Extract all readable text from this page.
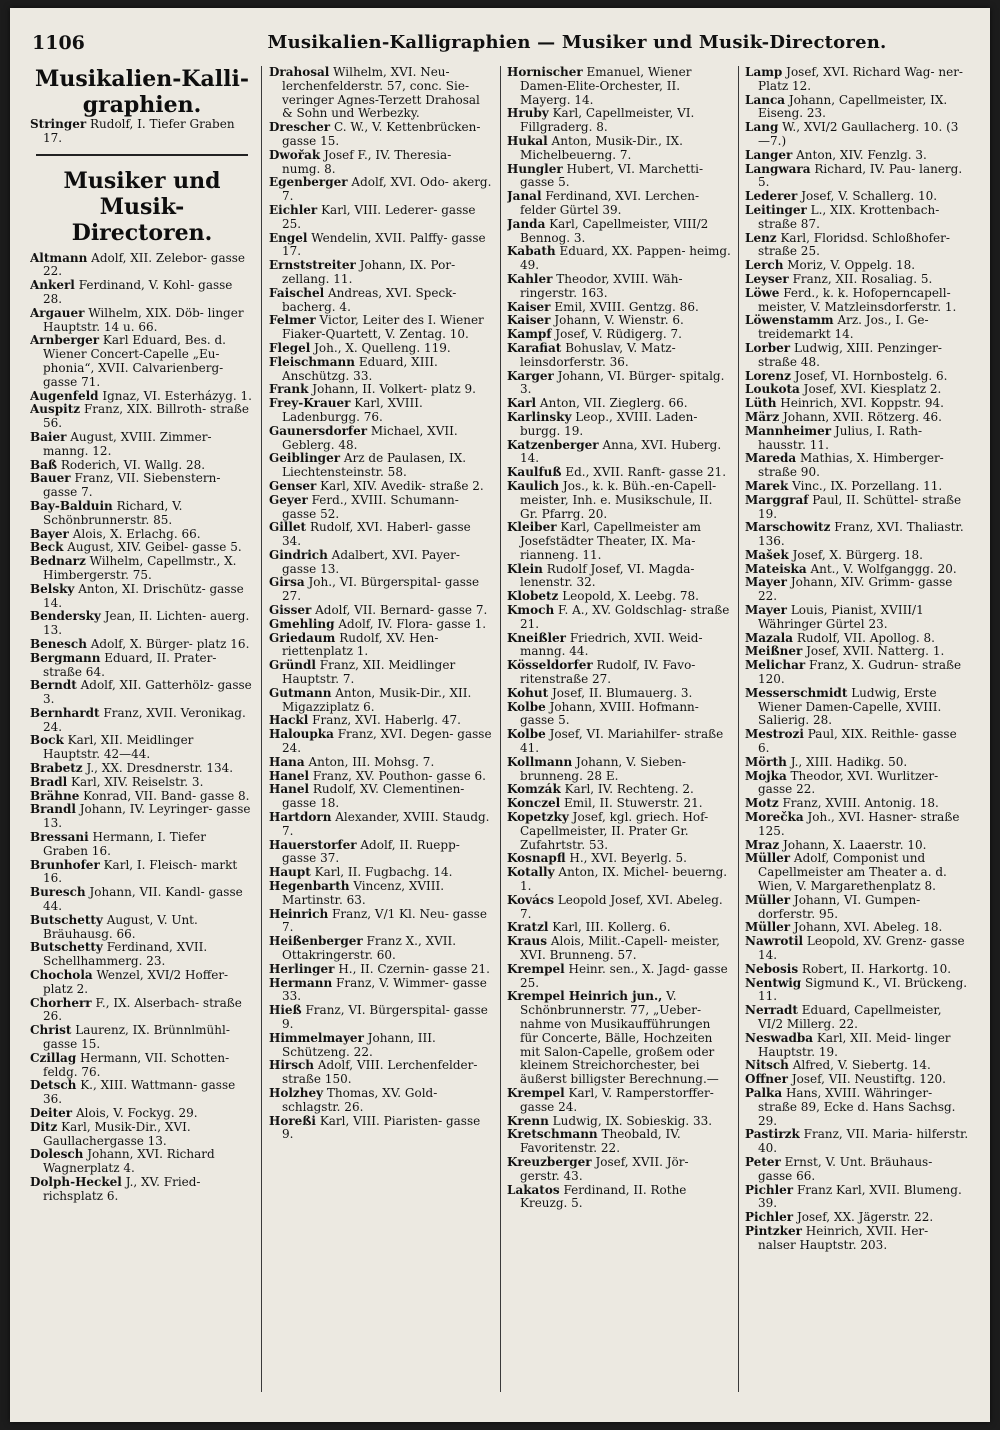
1106	Musikalien-Kalligraphien — Musiker und Musik-Directoren.
Musikalien-Kalli- graphien.

Stringer Rudolf, I. Tiefer Graben 17.

Musiker und Musik-Directoren.

Altmann Adolf, XII. Zelebor- gasse 22.

Ankerl Ferdinand, V. Kohl- gasse 28.

Argauer Wilhelm, XIX. Döb- linger Hauptstr. 14 u. 66.

Arnberger Karl Eduard, Bes. d. Wiener Concert-Capelle „Eu- phonia“, XVII. Calvarienberg- gasse 71.

Augenfeld Ignaz, VI. Esterházyg. 1.

Auspitz Franz, XIX. Billroth- straße 56.

Baier August, XVIII. Zimmer- manng. 12.

Baß Roderich, VI. Wallg. 28.

Bauer Franz, VII. Siebenstern- gasse 7.

Bay-Balduin Richard, V. Schönbrunnerstr. 85.

Bayer Alois, X. Erlachg. 66.

Beck August, XIV. Geibel- gasse 5.

Bednarz Wilhelm, Capellmstr., X. Himbergerstr. 75.

Belsky Anton, XI. Drischütz- gasse 14.

Bendersky Jean, II. Lichten- auerg. 13.

Benesch Adolf, X. Bürger- platz 16.

Bergmann Eduard, II. Prater- straße 64.

Berndt Adolf, XII. Gatterhölz- gasse 3.

Bernhardt Franz, XVII. Veronikag. 24.

Bock Karl, XII. Meidlinger Hauptstr. 42—44.

Brabetz J., XX. Dresdnerstr. 134.

Bradl Karl, XIV. Reiselstr. 3.

Brähne Konrad, VII. Band- gasse 8.

Brandl Johann, IV. Leyringer- gasse 13.

Bressani Hermann, I. Tiefer Graben 16.

Brunhofer Karl, I. Fleisch- markt 16.

Buresch Johann, VII. Kandl- gasse 44.

Butschetty August, V. Unt. Bräuhausg. 66.

Butschetty Ferdinand, XVII. Schellhammerg. 23.

Chochola Wenzel, XVI/2 Hoffer- platz 2.

Chorherr F., IX. Alserbach- straße 26.

Christ Laurenz, IX. Brünnlmühl- gasse 15.

Czillag Hermann, VII. Schotten- feldg. 76.

Detsch K., XIII. Wattmann- gasse 36.

Deiter Alois, V. Fockyg. 29.

Ditz Karl, Musik-Dir., XVI. Gaullachergasse 13.

Dolesch Johann, XVI. Richard Wagnerplatz 4.

Dolph-Heckel J., XV. Fried- richsplatz 6.

Drahosal Wilhelm, XVI. Neu- lerchenfelderstr. 57, conc. Sie- veringer Agnes-Terzett Drahosal & Sohn und Werbezky.

Drescher C. W., V. Kettenbrücken- gasse 15.

Dwořak Josef F., IV. Theresia- numg. 8.

Egenberger Adolf, XVI. Odo- akerg. 7.

Eichler Karl, VIII. Lederer- gasse 25.

Engel Wendelin, XVII. Palffy- gasse 17.

Ernststreiter Johann, IX. Por- zellang. 11.

Faischel Andreas, XVI. Speck- bacherg. 4.

Felmer Victor, Leiter des I. Wiener Fiaker-Quartett, V. Zentag. 10.

Flegel Joh., X. Quelleng. 119.

Fleischmann Eduard, XIII. Anschützg. 33.

Frank Johann, II. Volkert- platz 9.

Frey-Krauer Karl, XVIII. Ladenburgg. 76.

Gaunersdorfer Michael, XVII. Geblerg. 48.

Geiblinger Arz de Paulasen, IX. Liechtensteinstr. 58.

Genser Karl, XIV. Avedik- straße 2.

Geyer Ferd., XVIII. Schumann- gasse 52.

Gillet Rudolf, XVI. Haberl- gasse 34.

Gindrich Adalbert, XVI. Payer- gasse 13.

Girsa Joh., VI. Bürgerspital- gasse 27.

Gisser Adolf, VII. Bernard- gasse 7.

Gmehling Adolf, IV. Flora- gasse 1.

Griedaum Rudolf, XV. Hen- riettenplatz 1.

Gründl Franz, XII. Meidlinger Hauptstr. 7.

Gutmann Anton, Musik-Dir., XII. Migazziplatz 6.

Hackl Franz, XVI. Haberlg. 47.

Haloupka Franz, XVI. Degen- gasse 24.

Hana Anton, III. Mohsg. 7.

Hanel Franz, XV. Pouthon- gasse 6.

Hanel Rudolf, XV. Clementinen- gasse 18.

Hartdorn Alexander, XVIII. Staudg. 7.

Hauerstorfer Adolf, II. Ruepp- gasse 37.

Haupt Karl, II. Fugbachg. 14.

Hegenbarth Vincenz, XVIII. Martinstr. 63.

Heinrich Franz, V/1 Kl. Neu- gasse 7.

Heißenberger Franz X., XVII. Ottakringerstr. 60.

Herlinger H., II. Czernin- gasse 21.

Hermann Franz, V. Wimmer- gasse 33.

Hieß Franz, VI. Bürgerspital- gasse 9.

Himmelmayer Johann, III. Schützeng. 22.

Hirsch Adolf, VIII. Lerchenfelder- straße 150.

Holzhey Thomas, XV. Gold- schlagstr. 26.

Horeßi Karl, VIII. Piaristen- gasse 9.

Hornischer Emanuel, Wiener Damen-Elite-Orchester, II. Mayerg. 14.

Hruby Karl, Capellmeister, VI. Fillgraderg. 8.

Hukal Anton, Musik-Dir., IX. Michelbeuerng. 7.

Hungler Hubert, VI. Marchetti- gasse 5.

Janal Ferdinand, XVI. Lerchen- felder Gürtel 39.

Janda Karl, Capellmeister, VIII/2 Bennog. 3.

Kabath Eduard, XX. Pappen- heimg. 49.

Kahler Theodor, XVIII. Wäh- ringerstr. 163.

Kaiser Emil, XVIII. Gentzg. 86.

Kaiser Johann, V. Wienstr. 6.

Kampf Josef, V. Rüdigerg. 7.

Karafiat Bohuslav, V. Matz- leinsdorferstr. 36.

Karger Johann, VI. Bürger- spitalg. 3.

Karl Anton, VII. Zieglerg. 66.

Karlinsky Leop., XVIII. Laden- burgg. 19.

Katzenberger Anna, XVI. Huberg. 14.

Kaulfuß Ed., XVII. Ranft- gasse 21.

Kaulich Jos., k. k. Büh.-en-Capell- meister, Inh. e. Musikschule, II. Gr. Pfarrg. 20.

Kleiber Karl, Capellmeister am Josefstädter Theater, IX. Ma- rianneng. 11.

Klein Rudolf Josef, VI. Magda- lenenstr. 32.

Klobetz Leopold, X. Leebg. 78.

Kmoch F. A., XV. Goldschlag- straße 21.

Kneißler Friedrich, XVII. Weid- manng. 44.

Kösseldorfer Rudolf, IV. Favo- ritenstraße 27.

Kohut Josef, II. Blumauerg. 3.

Kolbe Johann, XVIII. Hofmann- gasse 5.

Kolbe Josef, VI. Mariahilfer- straße 41.

Kollmann Johann, V. Sieben- brunneng. 28 E.

Komzák Karl, IV. Rechteng. 2.

Konczel Emil, II. Stuwerstr. 21.

Kopetzky Josef, kgl. griech. Hof- Capellmeister, II. Prater Gr. Zufahrtstr. 53.

Kosnapfl H., XVI. Beyerlg. 5.

Kotally Anton, IX. Michel- beuerng. 1.

Kovács Leopold Josef, XVI. Abeleg. 7.

Kratzl Karl, III. Kollerg. 6.

Kraus Alois, Milit.-Capell- meister, XVI. Brunneng. 57.

Krempel Heinr. sen., X. Jagd- gasse 25.

Krempel Heinrich jun., V. Schönbrunnerstr. 77, „Ueber- nahme von Musikaufführungen für Concerte, Bälle, Hochzeiten mit Salon-Capelle, großem oder kleinem Streichorchester, bei äußerst billigster Berechnung.—

Krempel Karl, V. Ramperstorffer- gasse 24.

Krenn Ludwig, IX. Sobieskig. 33.

Kretschmann Theobald, IV. Favoritenstr. 22.

Kreuzberger Josef, XVII. Jör- gerstr. 43.

Lakatos Ferdinand, II. Rothe Kreuzg. 5.

Lamp Josef, XVI. Richard Wag- ner-Platz 12.

Lanca Johann, Capellmeister, IX. Eiseng. 23.

Lang W., XVI/2 Gaullacherg. 10. (3—7.)

Langer Anton, XIV. Fenzlg. 3.

Langwara Richard, IV. Pau- lanerg. 5.

Lederer Josef, V. Schallerg. 10.

Leitinger L., XIX. Krottenbach- straße 87.

Lenz Karl, Floridsd. Schloßhofer- straße 25.

Lerch Moriz, V. Oppelg. 18.

Leyser Franz, XII. Rosaliag. 5.

Löwe Ferd., k. k. Hofoperncapell- meister, V. Matzleinsdorferstr. 1.

Löwenstamm Arz. Jos., I. Ge- treidemarkt 14.

Lorber Ludwig, XIII. Penzinger- straße 48.

Lorenz Josef, VI. Hornbostelg. 6.

Loukota Josef, XVI. Kiesplatz 2.

Lüth Heinrich, XVI. Koppstr. 94.

März Johann, XVII. Rötzerg. 46.

Mannheimer Julius, I. Rath- hausstr. 11.

Mareda Mathias, X. Himberger- straße 90.

Marek Vinc., IX. Porzellang. 11.

Marggraf Paul, II. Schüttel- straße 19.

Marschowitz Franz, XVI. Thaliastr. 136.

Mašek Josef, X. Bürgerg. 18.

Mateiska Ant., V. Wolfganggg. 20.

Mayer Johann, XIV. Grimm- gasse 22.

Mayer Louis, Pianist, XVIII/1 Währinger Gürtel 23.

Mazala Rudolf, VII. Apollog. 8.

Meißner Josef, XVII. Natterg. 1.

Melichar Franz, X. Gudrun- straße 120.

Messerschmidt Ludwig, Erste Wiener Damen-Capelle, XVIII. Salierig. 28.

Mestrozi Paul, XIX. Reithle- gasse 6.

Mörth J., XIII. Hadikg. 50.

Mojka Theodor, XVI. Wurlitzer- gasse 22.

Motz Franz, XVIII. Antonig. 18.

Morečka Joh., XVI. Hasner- straße 125.

Mraz Johann, X. Laaerstr. 10.

Müller Adolf, Componist und Capellmeister am Theater a. d. Wien, V. Margarethenplatz 8.

Müller Johann, VI. Gumpen- dorferstr. 95.

Müller Johann, XVI. Abeleg. 18.

Nawrotil Leopold, XV. Grenz- gasse 14.

Nebosis Robert, II. Harkortg. 10.

Nentwig Sigmund K., VI. Brückeng. 11.

Nerradt Eduard, Capellmeister, VI/2 Millerg. 22.

Neswadba Karl, XII. Meid- linger Hauptstr. 19.

Nitsch Alfred, V. Siebertg. 14.

Offner Josef, VII. Neustiftg. 120.

Palka Hans, XVIII. Währinger- straße 89, Ecke d. Hans Sachsg. 29.

Pastirzk Franz, VII. Maria- hilferstr. 40.

Peter Ernst, V. Unt. Bräuhaus- gasse 66.

Pichler Franz Karl, XVII. Blumeng. 39.

Pichler Josef, XX. Jägerstr. 22.

Pintzker Heinrich, XVII. Her- nalser Hauptstr. 203.
